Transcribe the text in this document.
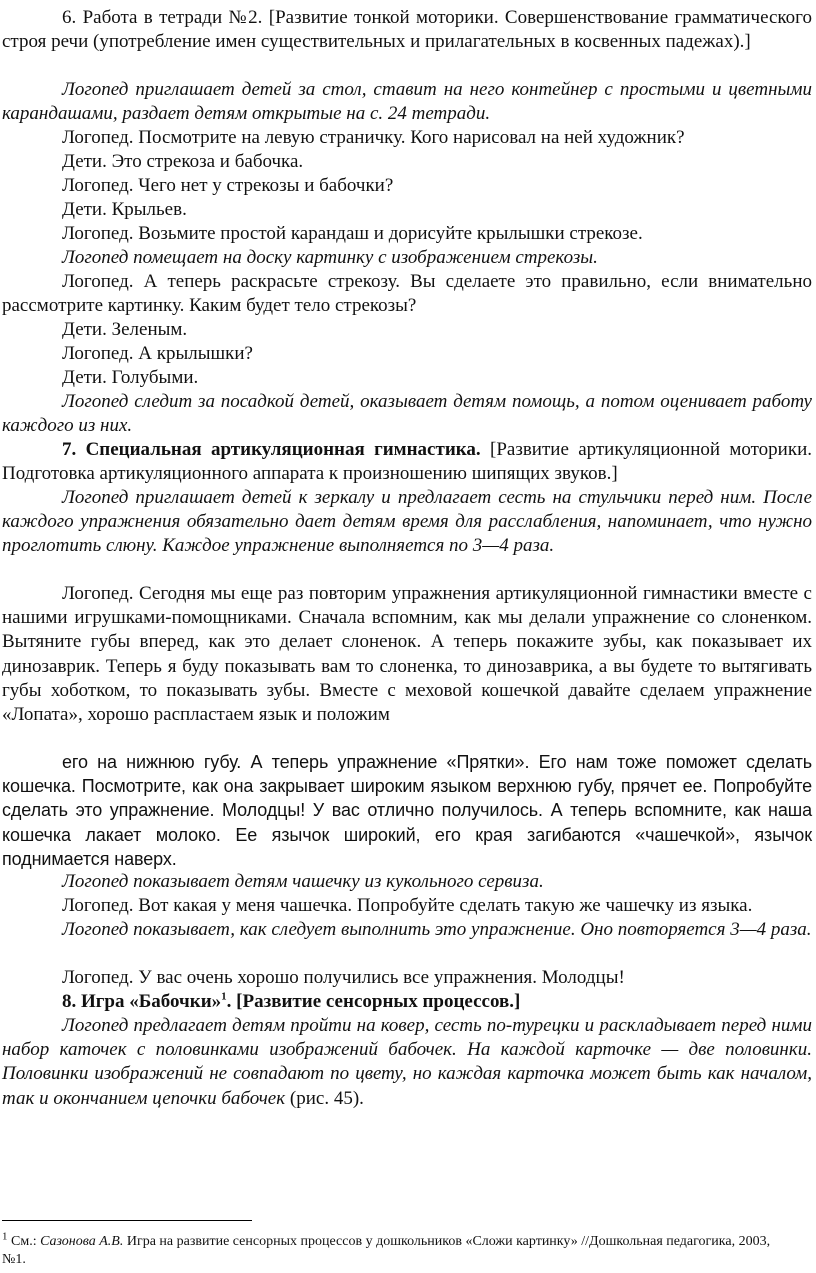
6. Работа в тетради №2. [Развитие тонкой моторики. Совершенствование грамматического строя речи (употребление имен существительных и прилагательных в косвенных падежах).]

Логопед приглашает детей за стол, ставит на него контейнер с простыми и цветными карандашами, раздает детям открытые на с. 24 тетради.

Логопед. Посмотрите на левую страничку. Кого нарисовал на ней художник?

Дети. Это стрекоза и бабочка.

Логопед. Чего нет у стрекозы и бабочки?

Дети. Крыльев.

Логопед. Возьмите простой карандаш и дорисуйте крылышки стрекозе.

Логопед помещает на доску картинку с изображением стрекозы.

Логопед. А теперь раскрасьте стрекозу. Вы сделаете это правильно, если внимательно рассмотрите картинку. Каким будет тело стрекозы?

Дети. Зеленым.

Логопед. А крылышки?

Дети. Голубыми.

Логопед следит за посадкой детей, оказывает детям помощь, а потом оценивает работу каждого из них.

7. Специальная артикуляционная гимнастика. [Развитие артикуляционной моторики. Подготовка артикуляционного аппарата к произношению шипящих звуков.]

Логопед приглашает детей к зеркалу и предлагает сесть на стульчики перед ним. После каждого упражнения обязательно дает детям время для расслабления, напоминает, что нужно проглотить слюну. Каждое упражнение выполняется по 3—4 раза.

Логопед. Сегодня мы еще раз повторим упражнения артикуляционной гимнастики вместе с нашими игрушками-помощниками. Сначала вспомним, как мы делали упражнение со слоненком. Вытяните губы вперед, как это делает слоненок. А теперь покажите зубы, как показывает их динозаврик. Теперь я буду показывать вам то слоненка, то динозаврика, а вы будете то вытягивать губы хоботком, то показывать зубы. Вместе с меховой кошечкой давайте сделаем упражнение «Лопата», хорошо распластаем язык и положим

его на нижнюю губу. А теперь упражнение «Прятки». Его нам тоже поможет сделать кошечка. Посмотрите, как она закрывает широким языком верхнюю губу, прячет ее. Попробуйте сделать это упражнение. Молодцы! У вас отлично получилось. А теперь вспомните, как наша кошечка лакает молоко. Ее язычок широкий, его края загибаются «чашечкой», язычок поднимается наверх.

Логопед показывает детям чашечку из кукольного сервиза.

Логопед. Вот какая у меня чашечка. Попробуйте сделать такую же чашечку из языка.

Логопед показывает, как следует выполнить это упражнение. Оно повторяется 3—4 раза.

Логопед. У вас очень хорошо получились все упражнения. Молодцы!

8. Игра «Бабочки»$^1$. [Развитие сенсорных процессов.]

Логопед предлагает детям пройти на ковер, сесть по-турецки и раскладывает перед ними набор каточек с половинками изображений бабочек. На каждой карточке — две половинки. Половинки изображений не совпадают по цвету, но каждая карточка может быть как началом, так и окончанием цепочки бабочек (рис. 45).

$^1$ См.: Сазонова А.В. Игра на развитие сенсорных процессов у дошкольников «Сложи картинку» //Дошкольная педагогика, 2003, №1.
